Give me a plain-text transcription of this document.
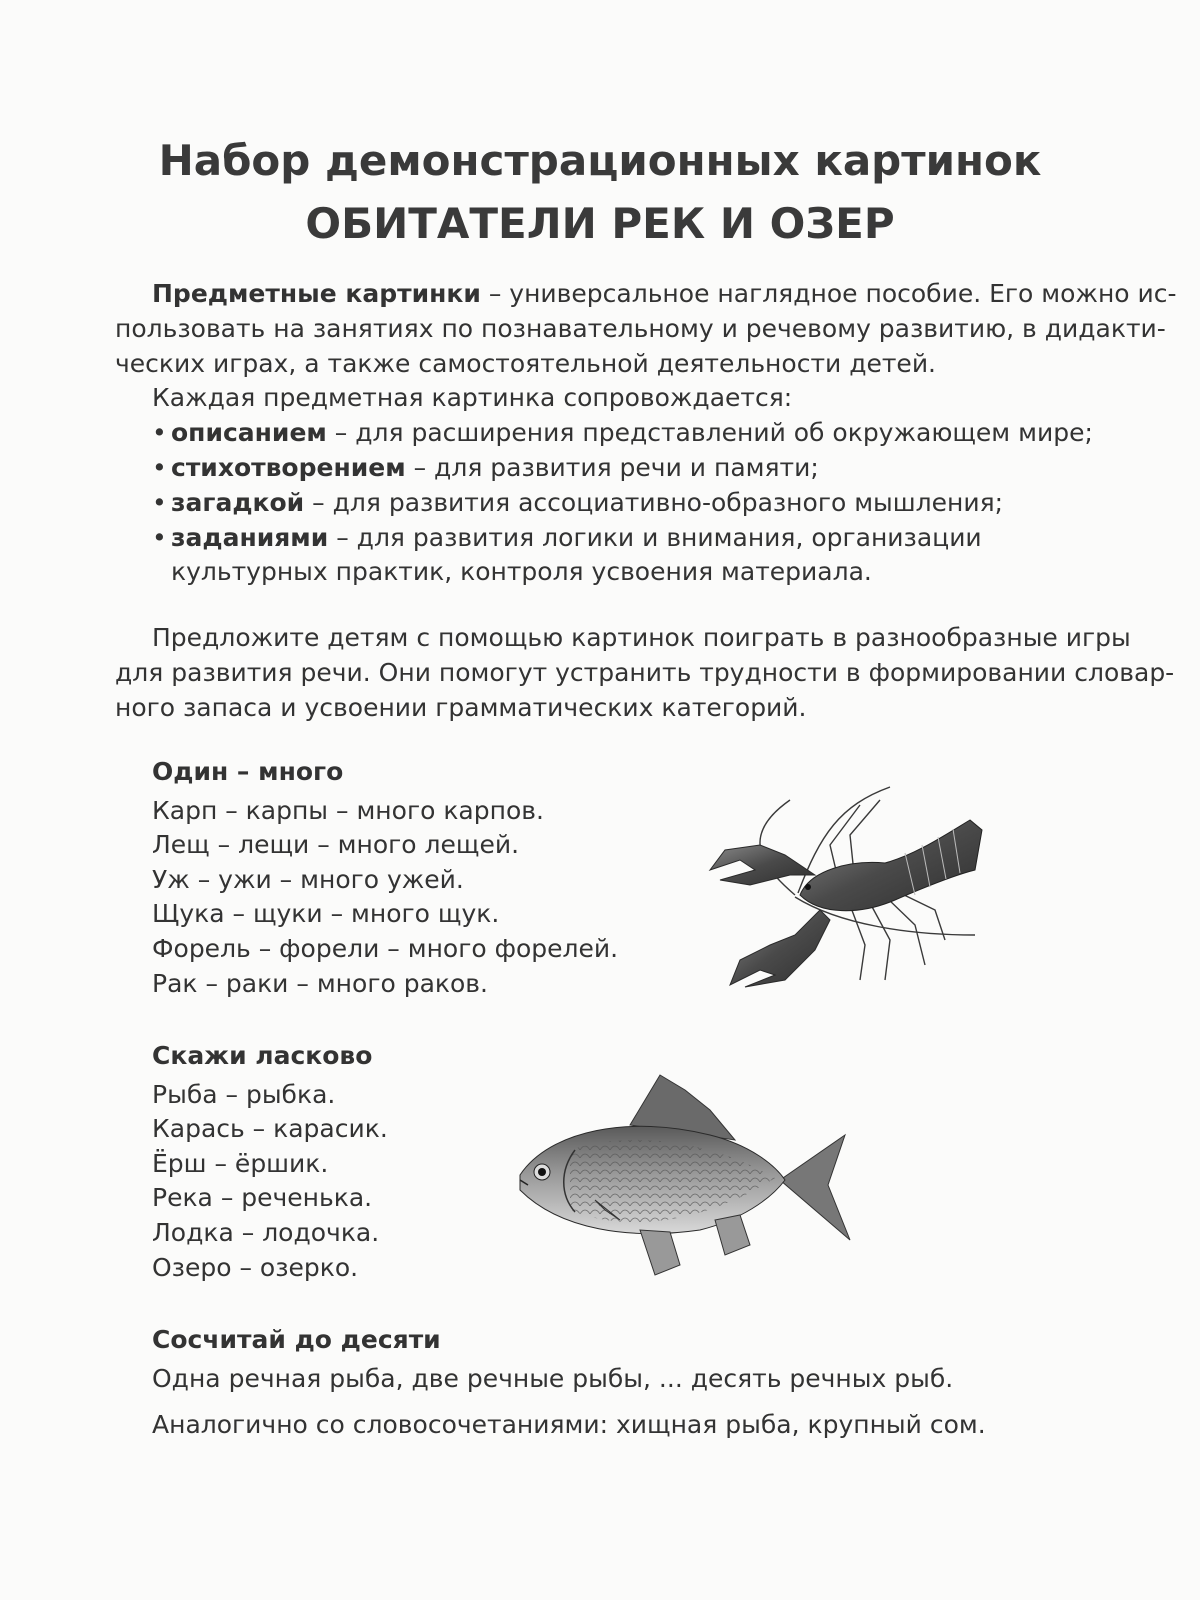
Набор демонстрационных картинок
ОБИТАТЕЛИ РЕК И ОЗЕР

Предметные картинки – универсальное наглядное пособие. Его можно ис-

пользовать на занятиях по познавательному и речевому развитию, в дидакти-

ческих играх, а также самостоятельной деятельности детей.

Каждая предметная картинка сопровождается:

• описанием – для расширения представлений об окружающем мире;
• стихотворением – для развития речи и памяти;
• загадкой – для развития ассоциативно-образного мышления;
• заданиями – для развития логики и внимания, организации культурных практик, контроля усвоения материала.
Предложите детям с помощью картинок поиграть в разнообразные игры
для развития речи. Они помогут устранить трудности в формировании словар-
ного запаса и усвоении грамматических категорий.
Один – много
Карп – карпы – много карпов.
Лещ – лещи – много лещей.
Уж – ужи – много ужей.
Щука – щуки – много щук.
Форель – форели – много форелей.
Рак – раки – много раков.
Скажи ласково
Рыба – рыбка.
Карась – карасик.
Ёрш – ёршик.
Река – реченька.
Лодка – лодочка.
Озеро – озерко.
Сосчитай до десяти

Одна речная рыба, две речные рыбы, ... десять речных рыб.

Аналогично со словосочетаниями: хищная рыба, крупный сом.
